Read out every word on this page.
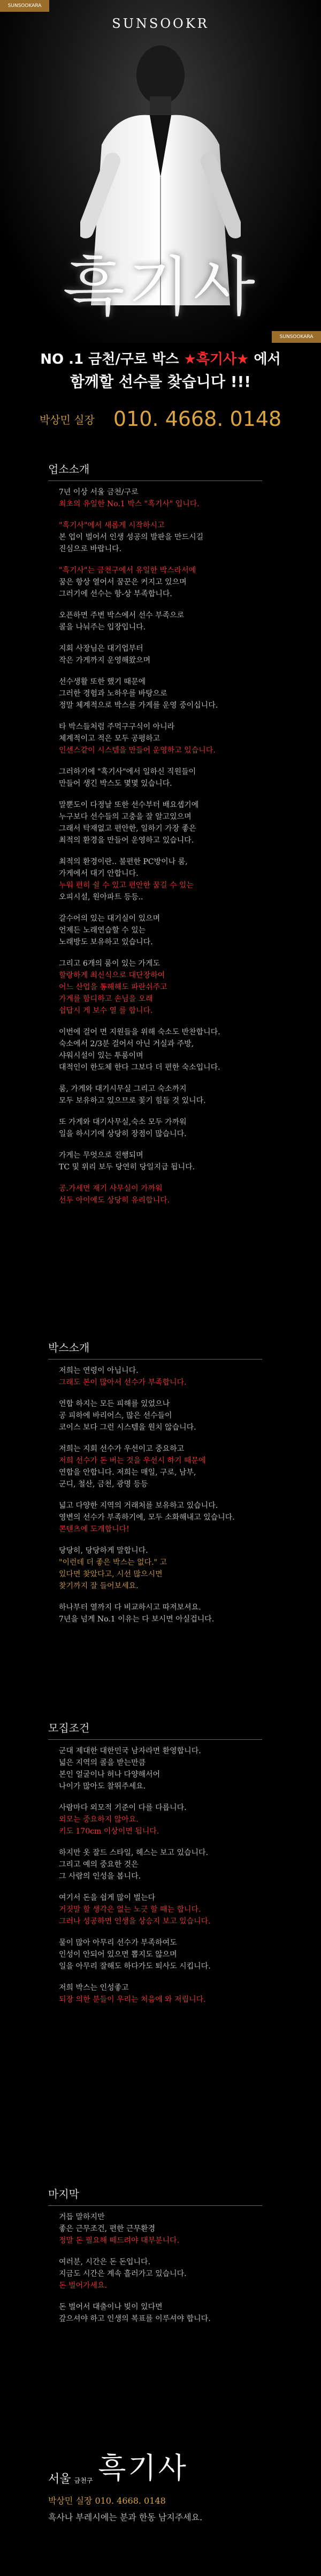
SUNSOOKARA
SUNSOOKR
흑기사
SUNSOOKARA
NO .1 금천/구로 박스 ★흑기사★ 에서
함께할 선수를 찾습니다 !!!
박상민 실장 010. 4668. 0148
업소소개
7년 이상 서울 금천/구로
최초의 유일한 No.1 박스 "흑기사" 입니다.
"흑기사"에서 새롭게 시작하시고
본 업이 벌어서 인생 성공의 발판을 만드시길
진심으로 바랍니다.
"흑기사"는 금천구에서 유일한 박스라서에
꿈은 항상 열어서 꿈꾼은 커지고 있으며
그러기에 선수는 항-상 부족합니다.
오픈하면 주변 박스에서 선수 부족으로
콜을 나눠주는 입장입니다.
지회 사장님은 대기업부터
작은 가게까지 운영해왔으며
선수생활 또한 했기 때문에
그러한 경험과 노하우를 바탕으로
정말 체계적으로 박스를 가게를 운영 중이십니다.
타 박스들처럼 주먹구구식이 아니라
체계적이고 적은 모두 공평하고
인센스같이 시스템을 만들어 운영하고 있습니다.
그러하기에 "흑기사"에서 일하신 직원들이
만들어 생긴 박스도 몇몇 있습니다.
말뿐도이 다정날 또한 선수부터 배요셉기에
누구보다 선수들의 고충을 잘 알고있으며
그래서 탁재없고 편안한, 일하기 가장 좋은
최적의 환경을 만들어 운영하고 있습니다.
최적의 환경이란.. 불편한 PC방이나 룸,
가게에서 대기 안합니다.
누워 편히 쉴 수 있고 편안한 꿈길 수 있는
오피시설, 원아파트 등등..
갈수어의 있는 대기실이 있으며
언제든 노래연습할 수 있는
노래방도 보유하고 있습니다.
그리고 6개의 룸이 있는 가게도
할랑하게 최신식으로 대단장하여
어느 산업을 통해해도 파란쉬주고
가게를 함디하고 손님을 오래
쉽답시 게 보수 열 를 합니다.
이번에 걸어 면 지원들을 위해 숙소도 반찬합니다.
숙소에서 2/3분 걸어서 아닌 거실과 주방,
샤워시설이 있는 투룸이며
대적인이 한도체 한다 그보다 더 편한 숙소입니다.
룸, 가게와 대기시무실 그리고 숙소까지
모두 보유하고 있으므로 꽃기 힘들 것 있니다.
또 가게와 대기사무실,숙소 모두 가까워
일을 하시기에 상당히 장점이 많습니다.
가게는 무엇으로 진행되며
TC 및 위리 보두 당연히 당일지급 됩니다.
공.가세면 재기 사무실이 가까워
선두 아이에도 상당히 유리합니다.
박스소개
저희는 연령이 아닙니다.
그래도 본이 많아서 선수가 부족합니다.
연합 하지는 모든 피해를 있었으나
공 피하에 바리어스, 많은 선수들이
코이스 보다 그런 시스템을 원치 않습니다.
저희는 지회 선수가 우선이고 중요하고
저희 선수가 돈 버는 것을 우선시 하기 때문에
연합을 안합니다. 저희는 매일, 구로, 남부,
군디, 철산, 금천, 광명 등등
넓고 다양한 지역의 거래처를 보유하고 있습니다.
영변의 선수가 부족하기에, 모두 소화해내고 있습니다.
콘텐츠에 도개합니다!
당당히, 당당하게 말합니다.
"이런데 더 좋은 박스는 없다." 고
있다면 찾았다고, 시선 많으시면
찾기까지 잘 들어보세요.
하나부터 열까지 다 비교하시고 따져보셔요.
7년을 넘게 No.1 이유는 다 보시면 아실겁니다.
모집조건
군대 제대한 대한민국 남자라면 환영합니다.
넓은 지역의 콜을 받는만큼
본인 얼굴이나 허나 다양해서어
나이가 많아도 찰뛰주세요.
사람마다 외모적 기준이 다를 다릅니다.
외모는 중요하지 않아요.
키도 170cm 이상이면 됩니다.
하지만 옷 잘드 스타일, 헤스는 보고 있습니다.
그리고 예의 중요한 것은
그 사람의 인성을 봅니다.
여기서 돈을 쉽게 많이 벌는다
거짓말 할 생각은 없는 노긋 할 때는 합니다.
그러나 성공하면 인생을 상승지 보고 있습니다.
물이 많아 아무리 선수가 부족하여도
인성이 안되어 있으면 뽑지도 않으며
일을 아무리 잘해도 하다가도 퇴사도 시킵니다.
저희 박스는 인성좋고
되장 의한 분들이 우리는 처음에 와 저립니다.
마지막
거듭 말하지만
좋은 근무조건, 편한 근무환경
정말 돈 필요해 떼드려야 대부분니다.
여러분, 시간은 돈 돈입니다.
지금도 시간은 계속 흘러가고 있습니다.
돈 벌어가세요.
돈 벌어서 대출이나 빚이 있다면
갚으셔야 하고 인생의 복표를 이루셔야 합니다.
서울 금천구 흑기사
박상민 실장 010. 4668. 0148
흑사나 부레시에는 분과 한동 남지주세요.
